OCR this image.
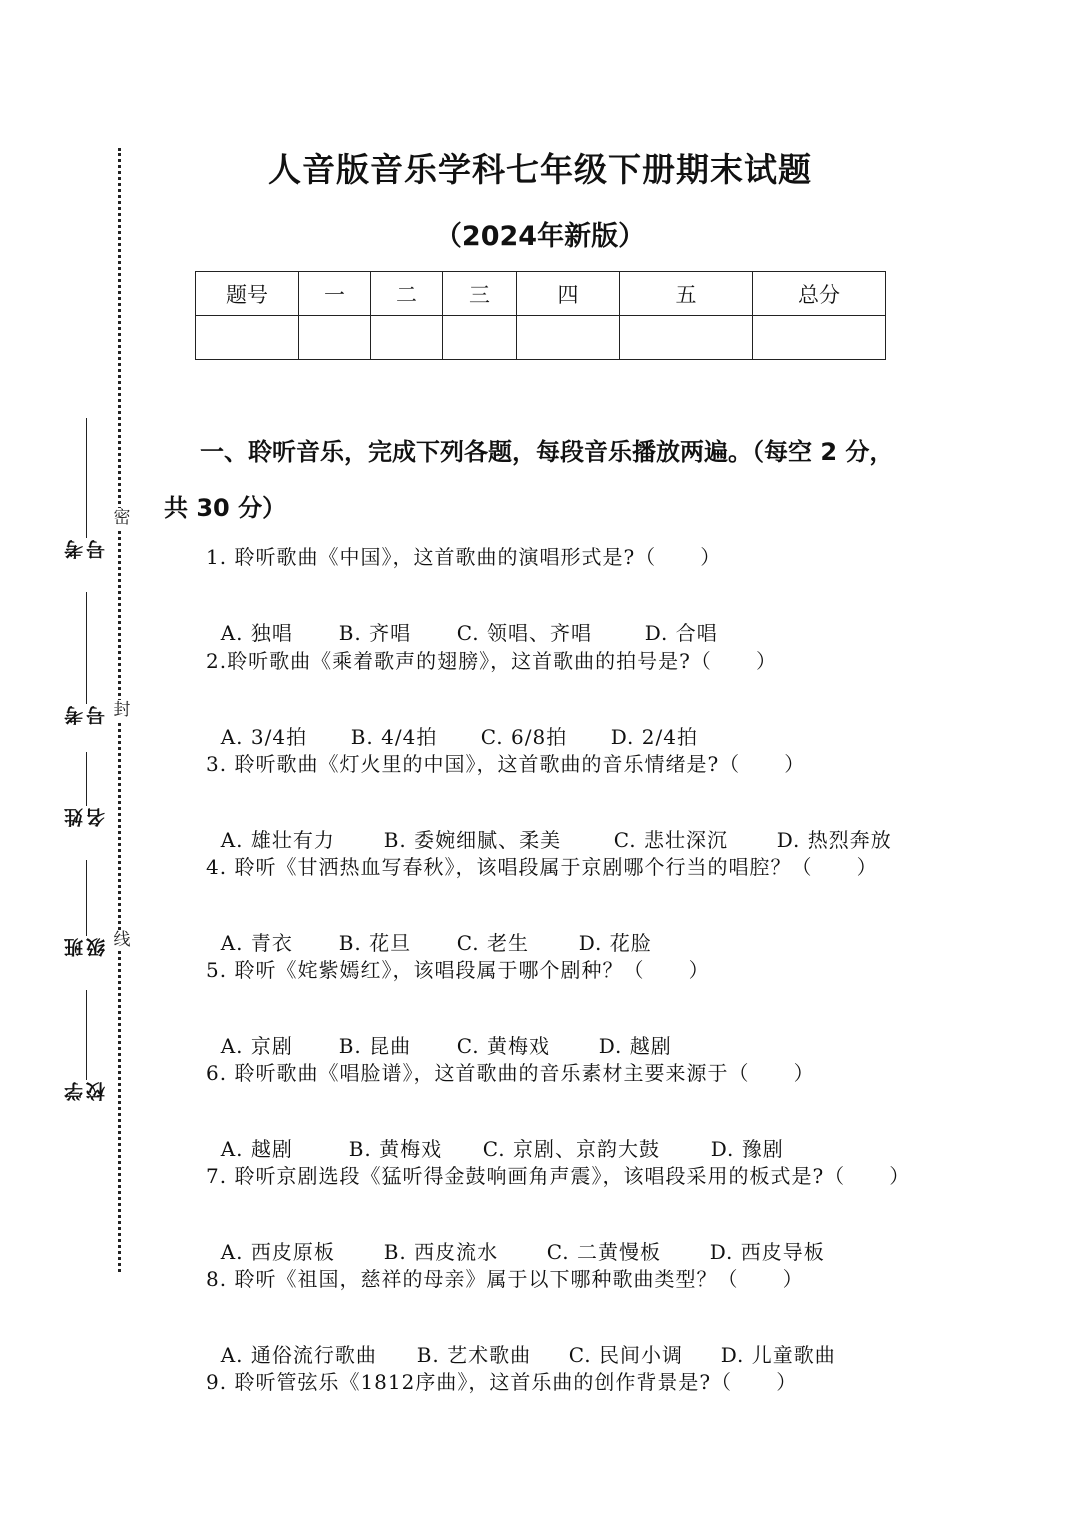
密
封
线
考号
考号
姓名
班级
学校
人音版音乐学科七年级下册期末试题
（2024年新版）
题号	一	二	三	四	五	总分

一、聆听音乐，完成下列各题，每段音乐播放两遍。（每空 2 分，
共 30 分）
1. 聆听歌曲《中国》，这首歌曲的演唱形式是?（      ）

A. 独唱 B. 齐唱 C. 领唱、齐唱	D. 合唱

2.聆听歌曲《乘着歌声的翅膀》，这首歌曲的拍号是?（      ）

A. 3/4拍 B. 4/4拍 C. 6/8拍 D. 2/4拍

3. 聆听歌曲《灯火里的中国》，这首歌曲的音乐情绪是?（      ）

A. 雄壮有力 B. 委婉细腻、柔美	C. 悲壮深沉 D. 热烈奔放

4. 聆听《甘洒热血写春秋》，该唱段属于京剧哪个行当的唱腔？（      ）

A. 青衣 B. 花旦 C. 老生 D. 花脸

5. 聆听《姹紫嫣红》，该唱段属于哪个剧种？（      ）

A. 京剧 B. 昆曲 C. 黄梅戏 D. 越剧

6. 聆听歌曲《唱脸谱》，这首歌曲的音乐素材主要来源于（      ）

A. 越剧	B. 黄梅戏 C. 京剧、京韵大鼓	D. 豫剧

7. 聆听京剧选段《猛听得金鼓响画角声震》，该唱段采用的板式是?（      ）

A. 西皮原板 B. 西皮流水 C. 二黄慢板 D. 西皮导板

8. 聆听《祖国，慈祥的母亲》属于以下哪种歌曲类型？（      ）

A. 通俗流行歌曲 B. 艺术歌曲 C. 民间小调 D. 儿童歌曲

9. 聆听管弦乐《1812序曲》，这首乐曲的创作背景是?（      ）
